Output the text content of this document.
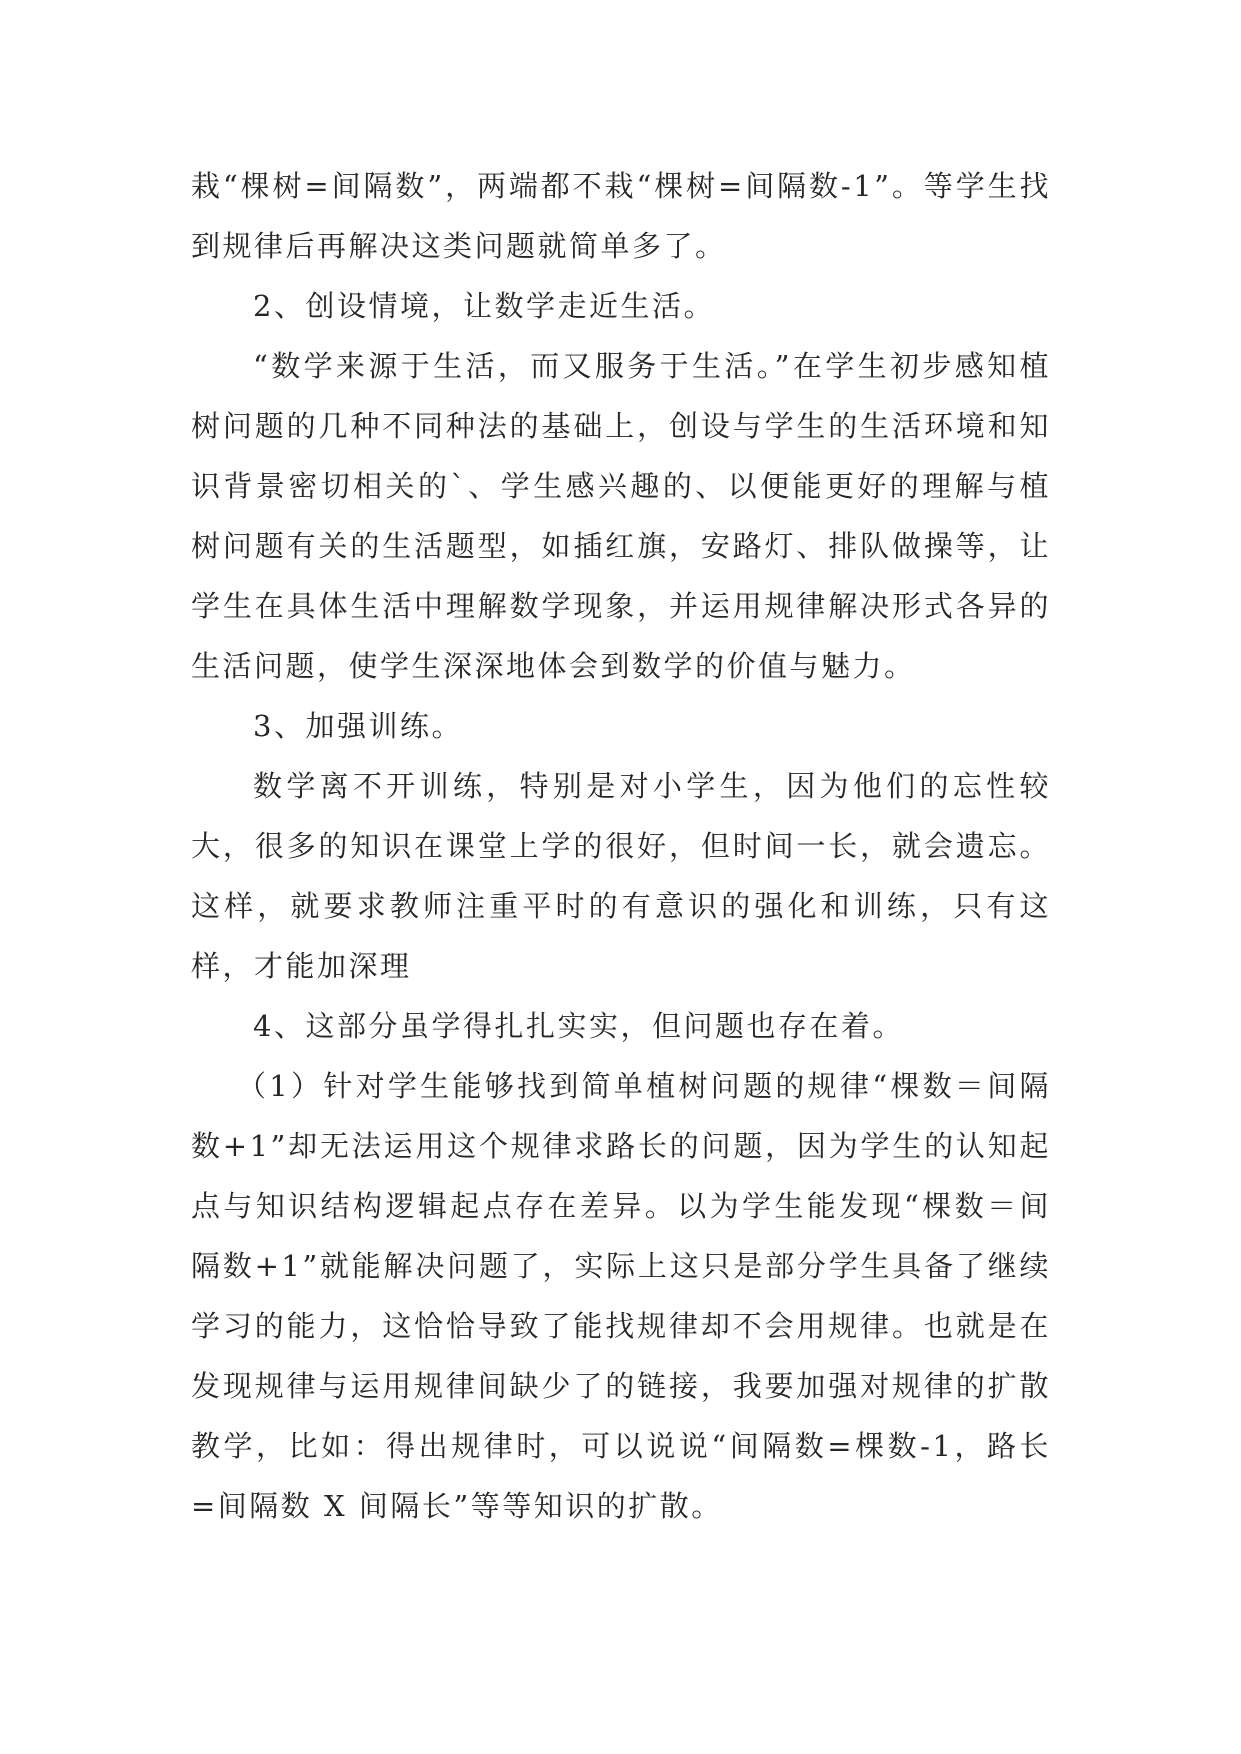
栽“棵树=间隔数”，两端都不栽“棵树=间隔数-1”。等学生找到规律后再解决这类问题就简单多了。

2、创设情境，让数学走近生活。

“数学来源于生活，而又服务于生活。”在学生初步感知植树问题的几种不同种法的基础上，创设与学生的生活环境和知识背景密切相关的`、学生感兴趣的、以便能更好的理解与植树问题有关的生活题型，如插红旗，安路灯、排队做操等，让学生在具体生活中理解数学现象，并运用规律解决形式各异的生活问题，使学生深深地体会到数学的价值与魅力。

3、加强训练。

数学离不开训练，特别是对小学生，因为他们的忘性较大，很多的知识在课堂上学的很好，但时间一长，就会遗忘。这样，就要求教师注重平时的有意识的强化和训练，只有这样，才能加深理

4、这部分虽学得扎扎实实，但问题也存在着。

（1）针对学生能够找到简单植树问题的规律“棵数＝间隔数+1”却无法运用这个规律求路长的问题，因为学生的认知起点与知识结构逻辑起点存在差异。以为学生能发现“棵数＝间隔数+1”就能解决问题了，实际上这只是部分学生具备了继续学习的能力，这恰恰导致了能找规律却不会用规律。也就是在发现规律与运用规律间缺少了的链接，我要加强对规律的扩散教学，比如：得出规律时，可以说说“间隔数=棵数-1，路长=间隔数 X 间隔长”等等知识的扩散。
